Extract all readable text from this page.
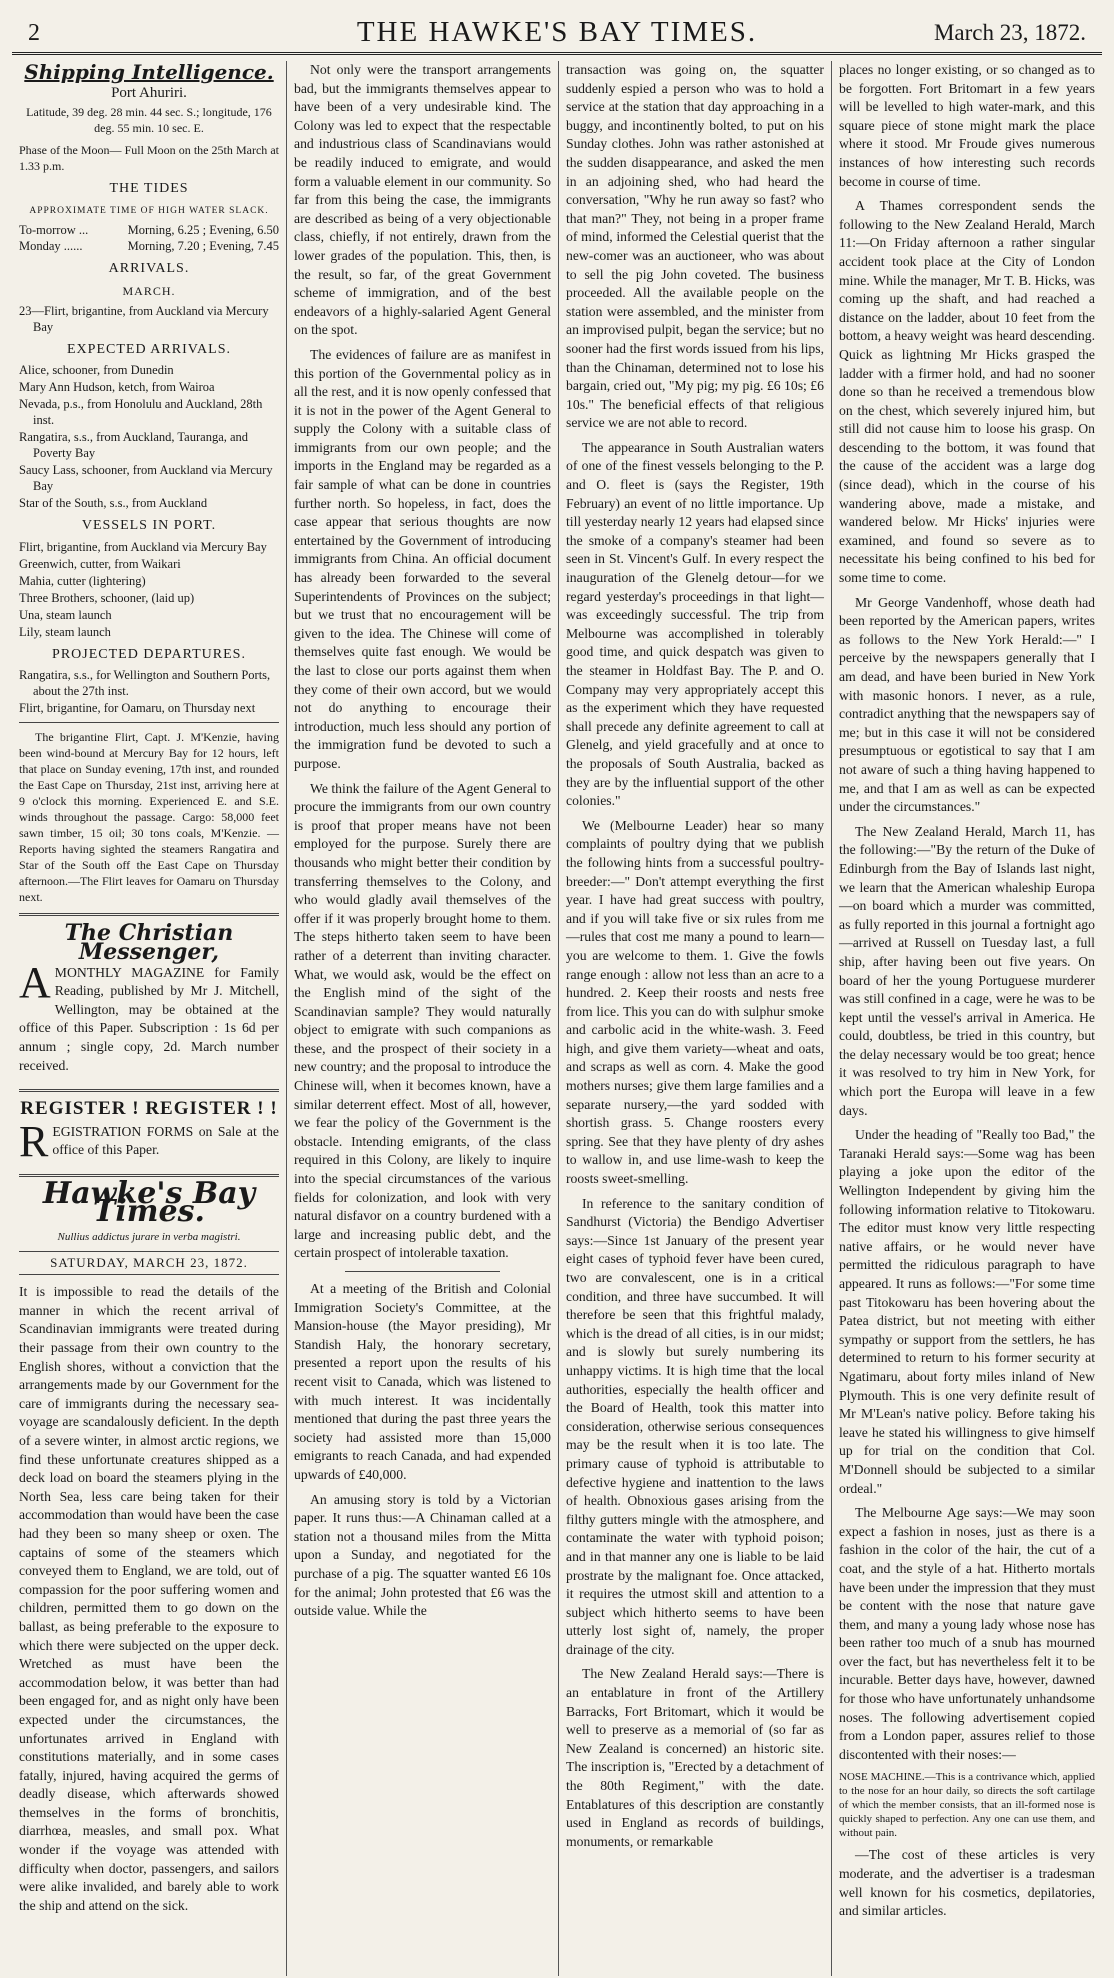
2	THE HAWKE'S BAY TIMES.	March 23, 1872.
Shipping Intelligence.
Port Ahuriri.

Latitude, 39 deg. 28 min. 44 sec. S.; longitude, 176 deg. 55 min. 10 sec. E.

Phase of the Moon— Full Moon on the 25th March at 1.33 p.m.

THE TIDES
APPROXIMATE TIME OF HIGH WATER SLACK.
To-morrow ...	Morning, 6.25 ; Evening, 6.50
Monday ......	Morning, 7.20 ; Evening, 7.45
ARRIVALS.
MARCH.
23—Flirt, brigantine, from Auckland via Mercury Bay
EXPECTED ARRIVALS.
Alice, schooner, from Dunedin
Mary Ann Hudson, ketch, from Wairoa
Nevada, p.s., from Honolulu and Auckland, 28th inst.
Rangatira, s.s., from Auckland, Tauranga, and Poverty Bay
Saucy Lass, schooner, from Auckland via Mercury Bay
Star of the South, s.s., from Auckland
VESSELS IN PORT.
Flirt, brigantine, from Auckland via Mercury Bay
Greenwich, cutter, from Waikari
Mahia, cutter (lightering)
Three Brothers, schooner, (laid up)
Una, steam launch
Lily, steam launch
PROJECTED DEPARTURES.
Rangatira, s.s., for Wellington and Southern Ports, about the 27th inst.
Flirt, brigantine, for Oamaru, on Thursday next

The brigantine Flirt, Capt. J. M'Kenzie, having been wind-bound at Mercury Bay for 12 hours, left that place on Sunday evening, 17th inst, and rounded the East Cape on Thursday, 21st inst, arriving here at 9 o'clock this morning. Experienced E. and S.E. winds throughout the passage. Cargo: 58,000 feet sawn timber, 15 oil; 30 tons coals, M'Kenzie. —Reports having sighted the steamers Rangatira and Star of the South off the East Cape on Thursday afternoon.—The Flirt leaves for Oamaru on Thursday next.

The Christian Messenger,
A MONTHLY MAGAZINE for Family Reading, published by Mr J. Mitchell, Wellington, may be obtained at the office of this Paper. Subscription : 1s 6d per annum ; single copy, 2d. March number received.

REGISTER ! REGISTER ! !
R EGISTRATION FORMS on Sale at the office of this Paper.

Hawke's Bay Times.
Nullius addictus jurare in verba magistri.
SATURDAY, MARCH 23, 1872.

It is impossible to read the details of the manner in which the recent arrival of Scandinavian immigrants were treated during their passage from their own country to the English shores, without a conviction that the arrangements made by our Government for the care of immigrants during the necessary sea-voyage are scandalously deficient. In the depth of a severe winter, in almost arctic regions, we find these unfortunate creatures shipped as a deck load on board the steamers plying in the North Sea, less care being taken for their accommodation than would have been the case had they been so many sheep or oxen. The captains of some of the steamers which conveyed them to England, we are told, out of compassion for the poor suffering women and children, permitted them to go down on the ballast, as being preferable to the exposure to which there were subjected on the upper deck. Wretched as must have been the accommodation below, it was better than had been engaged for, and as night only have been expected under the circumstances, the unfortunates arrived in England with constitutions materially, and in some cases fatally, injured, having acquired the germs of deadly disease, which afterwards showed themselves in the forms of bronchitis, diarrhœa, measles, and small pox. What wonder if the voyage was attended with difficulty when doctor, passengers, and sailors were alike invalided, and barely able to work the ship and attend on the sick.

Not only were the transport arrangements bad, but the immigrants themselves appear to have been of a very undesirable kind. The Colony was led to expect that the respectable and industrious class of Scandinavians would be readily induced to emigrate, and would form a valuable element in our community. So far from this being the case, the immigrants are described as being of a very objectionable class, chiefly, if not entirely, drawn from the lower grades of the population. This, then, is the result, so far, of the great Government scheme of immigration, and of the best endeavors of a highly-salaried Agent General on the spot.

The evidences of failure are as manifest in this portion of the Governmental policy as in all the rest, and it is now openly confessed that it is not in the power of the Agent General to supply the Colony with a suitable class of immigrants from our own people; and the imports in the England may be regarded as a fair sample of what can be done in countries further north. So hopeless, in fact, does the case appear that serious thoughts are now entertained by the Government of introducing immigrants from China. An official document has already been forwarded to the several Superintendents of Provinces on the subject; but we trust that no encouragement will be given to the idea. The Chinese will come of themselves quite fast enough. We would be the last to close our ports against them when they come of their own accord, but we would not do anything to encourage their introduction, much less should any portion of the immigration fund be devoted to such a purpose.

We think the failure of the Agent General to procure the immigrants from our own country is proof that proper means have not been employed for the purpose. Surely there are thousands who might better their condition by transferring themselves to the Colony, and who would gladly avail themselves of the offer if it was properly brought home to them. The steps hitherto taken seem to have been rather of a deterrent than inviting character. What, we would ask, would be the effect on the English mind of the sight of the Scandinavian sample? They would naturally object to emigrate with such companions as these, and the prospect of their society in a new country; and the proposal to introduce the Chinese will, when it becomes known, have a similar deterrent effect. Most of all, however, we fear the policy of the Government is the obstacle. Intending emigrants, of the class required in this Colony, are likely to inquire into the special circumstances of the various fields for colonization, and look with very natural disfavor on a country burdened with a large and increasing public debt, and the certain prospect of intolerable taxation.

At a meeting of the British and Colonial Immigration Society's Committee, at the Mansion-house (the Mayor presiding), Mr Standish Haly, the honorary secretary, presented a report upon the results of his recent visit to Canada, which was listened to with much interest. It was incidentally mentioned that during the past three years the society had assisted more than 15,000 emigrants to reach Canada, and had expended upwards of £40,000.

An amusing story is told by a Victorian paper. It runs thus:—A Chinaman called at a station not a thousand miles from the Mitta upon a Sunday, and negotiated for the purchase of a pig. The squatter wanted £6 10s for the animal; John protested that £6 was the outside value. While the

transaction was going on, the squatter suddenly espied a person who was to hold a service at the station that day approaching in a buggy, and incontinently bolted, to put on his Sunday clothes. John was rather astonished at the sudden disappearance, and asked the men in an adjoining shed, who had heard the conversation, "Why he run away so fast? who that man?" They, not being in a proper frame of mind, informed the Celestial querist that the new-comer was an auctioneer, who was about to sell the pig John coveted. The business proceeded. All the available people on the station were assembled, and the minister from an improvised pulpit, began the service; but no sooner had the first words issued from his lips, than the Chinaman, determined not to lose his bargain, cried out, "My pig; my pig. £6 10s; £6 10s." The beneficial effects of that religious service we are not able to record.

The appearance in South Australian waters of one of the finest vessels belonging to the P. and O. fleet is (says the Register, 19th February) an event of no little importance. Up till yesterday nearly 12 years had elapsed since the smoke of a company's steamer had been seen in St. Vincent's Gulf. In every respect the inauguration of the Glenelg detour—for we regard yesterday's proceedings in that light—was exceedingly successful. The trip from Melbourne was accomplished in tolerably good time, and quick despatch was given to the steamer in Holdfast Bay. The P. and O. Company may very appropriately accept this as the experiment which they have requested shall precede any definite agreement to call at Glenelg, and yield gracefully and at once to the proposals of South Australia, backed as they are by the influential support of the other colonies."

We (Melbourne Leader) hear so many complaints of poultry dying that we publish the following hints from a successful poultry-breeder:—" Don't attempt everything the first year. I have had great success with poultry, and if you will take five or six rules from me —rules that cost me many a pound to learn—you are welcome to them. 1. Give the fowls range enough : allow not less than an acre to a hundred. 2. Keep their roosts and nests free from lice. This you can do with sulphur smoke and carbolic acid in the white-wash. 3. Feed high, and give them variety—wheat and oats, and scraps as well as corn. 4. Make the good mothers nurses; give them large families and a separate nursery,—the yard sodded with shortish grass. 5. Change roosters every spring. See that they have plenty of dry ashes to wallow in, and use lime-wash to keep the roosts sweet-smelling.

In reference to the sanitary condition of Sandhurst (Victoria) the Bendigo Advertiser says:—Since 1st January of the present year eight cases of typhoid fever have been cured, two are convalescent, one is in a critical condition, and three have succumbed. It will therefore be seen that this frightful malady, which is the dread of all cities, is in our midst; and is slowly but surely numbering its unhappy victims. It is high time that the local authorities, especially the health officer and the Board of Health, took this matter into consideration, otherwise serious consequences may be the result when it is too late. The primary cause of typhoid is attributable to defective hygiene and inattention to the laws of health. Obnoxious gases arising from the filthy gutters mingle with the atmosphere, and contaminate the water with typhoid poison; and in that manner any one is liable to be laid prostrate by the malignant foe. Once attacked, it requires the utmost skill and attention to a subject which hitherto seems to have been utterly lost sight of, namely, the proper drainage of the city.

The New Zealand Herald says:—There is an entablature in front of the Artillery Barracks, Fort Britomart, which it would be well to preserve as a memorial of (so far as New Zealand is concerned) an historic site. The inscription is, "Erected by a detachment of the 80th Regiment," with the date. Entablatures of this description are constantly used in England as records of buildings, monuments, or remarkable

places no longer existing, or so changed as to be forgotten. Fort Britomart in a few years will be levelled to high water-mark, and this square piece of stone might mark the place where it stood. Mr Froude gives numerous instances of how interesting such records become in course of time.

A Thames correspondent sends the following to the New Zealand Herald, March 11:—On Friday afternoon a rather singular accident took place at the City of London mine. While the manager, Mr T. B. Hicks, was coming up the shaft, and had reached a distance on the ladder, about 10 feet from the bottom, a heavy weight was heard descending. Quick as lightning Mr Hicks grasped the ladder with a firmer hold, and had no sooner done so than he received a tremendous blow on the chest, which severely injured him, but still did not cause him to loose his grasp. On descending to the bottom, it was found that the cause of the accident was a large dog (since dead), which in the course of his wandering above, made a mistake, and wandered below. Mr Hicks' injuries were examined, and found so severe as to necessitate his being confined to his bed for some time to come.

Mr George Vandenhoff, whose death had been reported by the American papers, writes as follows to the New York Herald:—" I perceive by the newspapers generally that I am dead, and have been buried in New York with masonic honors. I never, as a rule, contradict anything that the newspapers say of me; but in this case it will not be considered presumptuous or egotistical to say that I am not aware of such a thing having happened to me, and that I am as well as can be expected under the circumstances."

The New Zealand Herald, March 11, has the following:—"By the return of the Duke of Edinburgh from the Bay of Islands last night, we learn that the American whaleship Europa—on board which a murder was committed, as fully reported in this journal a fortnight ago—arrived at Russell on Tuesday last, a full ship, after having been out five years. On board of her the young Portuguese murderer was still confined in a cage, were he was to be kept until the vessel's arrival in America. He could, doubtless, be tried in this country, but the delay necessary would be too great; hence it was resolved to try him in New York, for which port the Europa will leave in a few days.

Under the heading of "Really too Bad," the Taranaki Herald says:—Some wag has been playing a joke upon the editor of the Wellington Independent by giving him the following information relative to Titokowaru. The editor must know very little respecting native affairs, or he would never have permitted the ridiculous paragraph to have appeared. It runs as follows:—"For some time past Titokowaru has been hovering about the Patea district, but not meeting with either sympathy or support from the settlers, he has determined to return to his former security at Ngatimaru, about forty miles inland of New Plymouth. This is one very definite result of Mr M'Lean's native policy. Before taking his leave he stated his willingness to give himself up for trial on the condition that Col. M'Donnell should be subjected to a similar ordeal."

The Melbourne Age says:—We may soon expect a fashion in noses, just as there is a fashion in the color of the hair, the cut of a coat, and the style of a hat. Hitherto mortals have been under the impression that they must be content with the nose that nature gave them, and many a young lady whose nose has been rather too much of a snub has mourned over the fact, but has nevertheless felt it to be incurable. Better days have, however, dawned for those who have unfortunately unhandsome noses. The following advertisement copied from a London paper, assures relief to those discontented with their noses:—

NOSE MACHINE.—This is a contrivance which, applied to the nose for an hour daily, so directs the soft cartilage of which the member consists, that an ill-formed nose is quickly shaped to perfection. Any one can use them, and without pain.

—The cost of these articles is very moderate, and the advertiser is a tradesman well known for his cosmetics, depilatories, and similar articles.
